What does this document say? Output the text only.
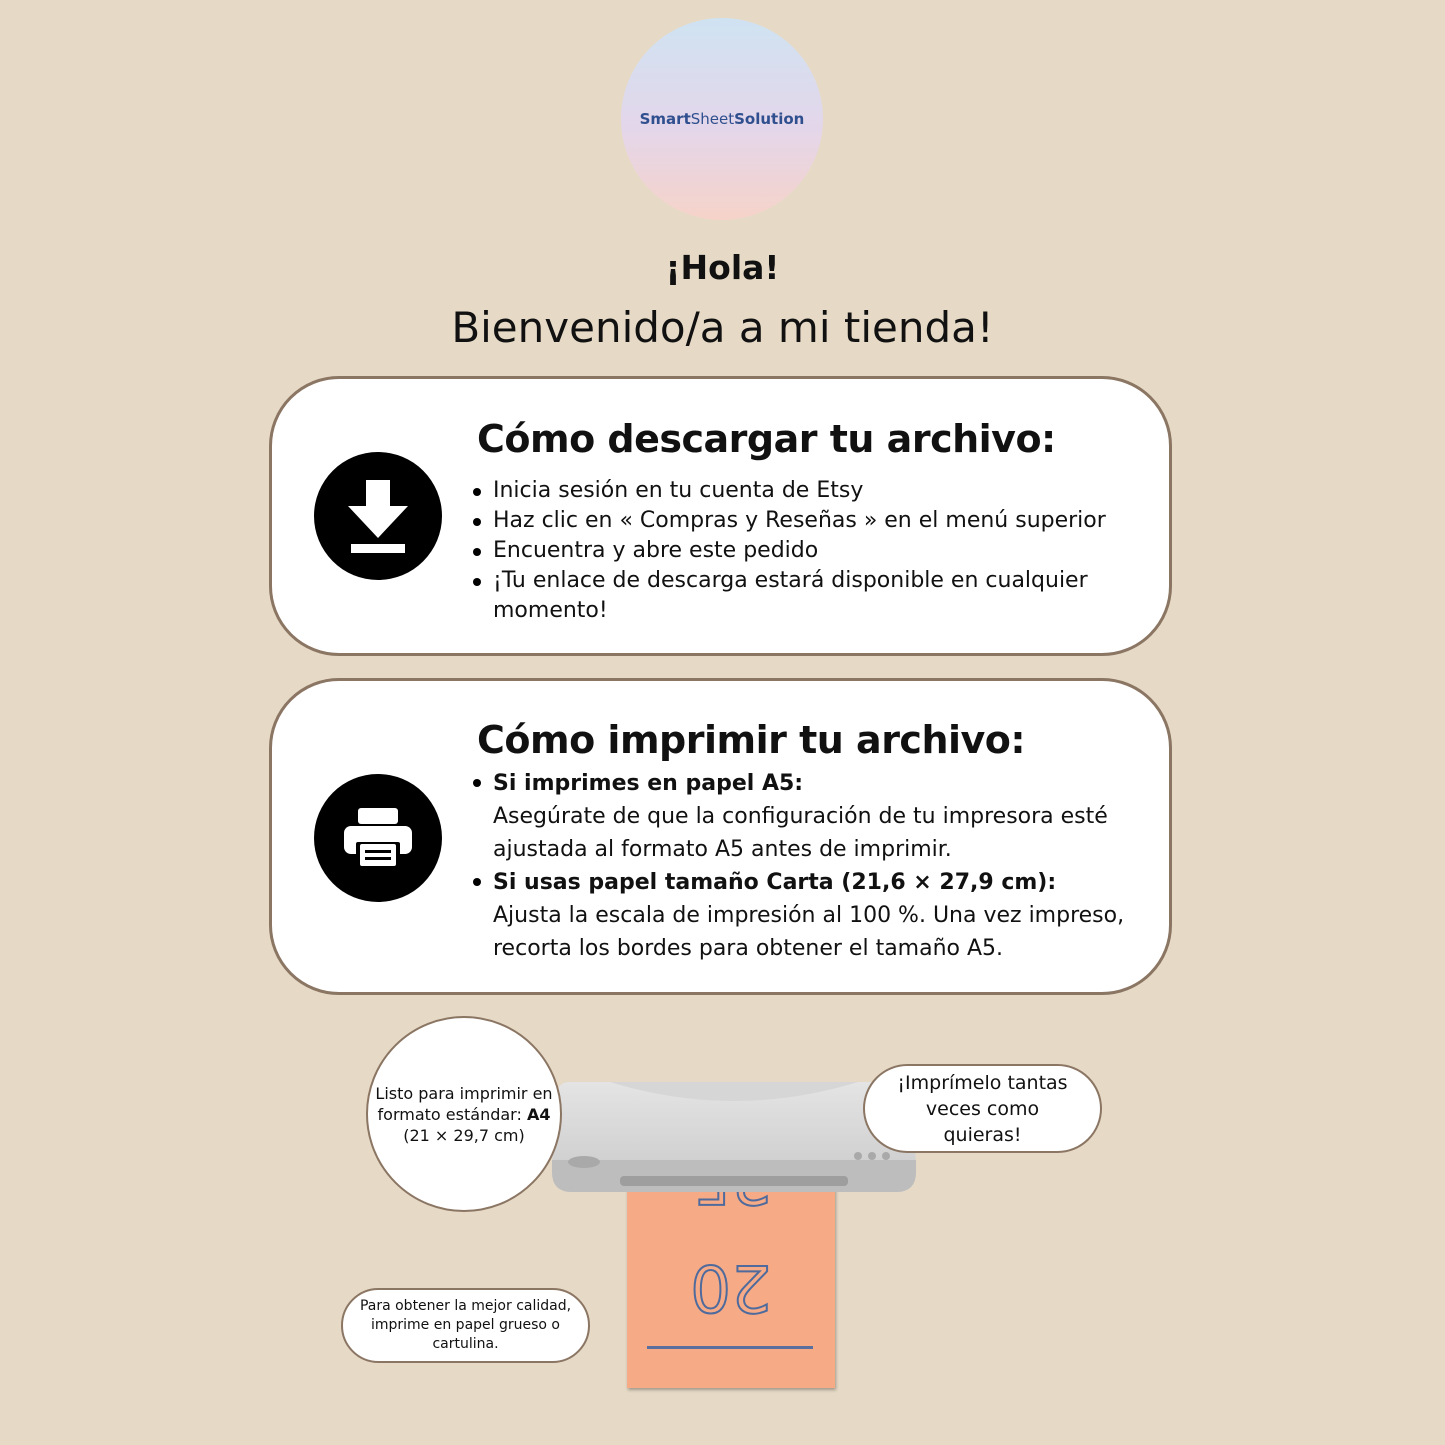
SmartSheetSolution
¡Hola!
Bienvenido/a a mi tienda!
Cómo descargar tu archivo:
Inicia sesión en tu cuenta de Etsy
Haz clic en « Compras y Reseñas » en el menú superior
Encuentra y abre este pedido
¡Tu enlace de descarga estará disponible en cualquier momento!
Cómo imprimir tu archivo:
Si imprimes en papel A5:
Asegúrate de que la configuración de tu impresora esté ajustada al formato A5 antes de imprimir.
Si usas papel tamaño Carta (21,6 × 27,9 cm):
Ajusta la escala de impresión al 100 %. Una vez impreso, recorta los bordes para obtener el tamaño A5.
20
Listo para imprimir en formato estándar: A4
(21 × 29,7 cm)
¡Imprímelo tantas veces como quieras!
Para obtener la mejor calidad, imprime en papel grueso o cartulina.
